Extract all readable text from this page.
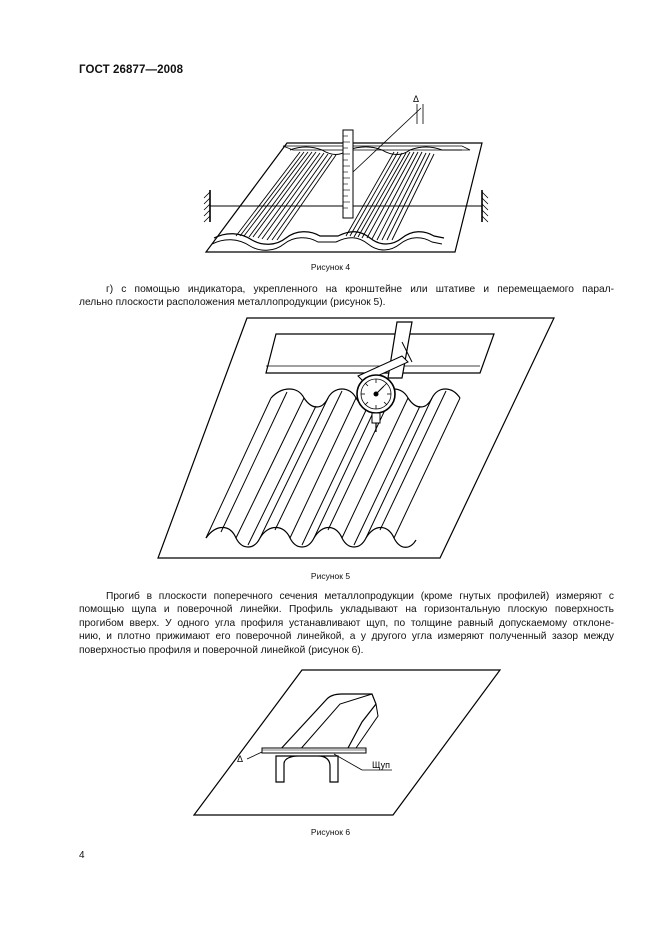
ГОСТ 26877—2008
Δ
Рисунок 4
г) с помощью индикатора, укрепленного на кронштейне или штативе и перемещаемого парал-
лельно плоскости расположения металлопродукции (рисунок 5).
Рисунок 5
Прогиб в плоскости поперечного сечения металлопродукции (кроме гнутых профилей) измеряют с
помощью щупа и поверочной линейки. Профиль укладывают на горизонтальную плоскую поверхность
прогибом вверх. У одного угла профиля устанавливают щуп, по толщине равный допускаемому отклоне-
нию, и плотно прижимают его поверочной линейкой, а у другого угла измеряют полученный зазор между
поверхностью профиля и поверочной линейкой (рисунок 6).
Δ
Щуп
Рисунок 6
4
